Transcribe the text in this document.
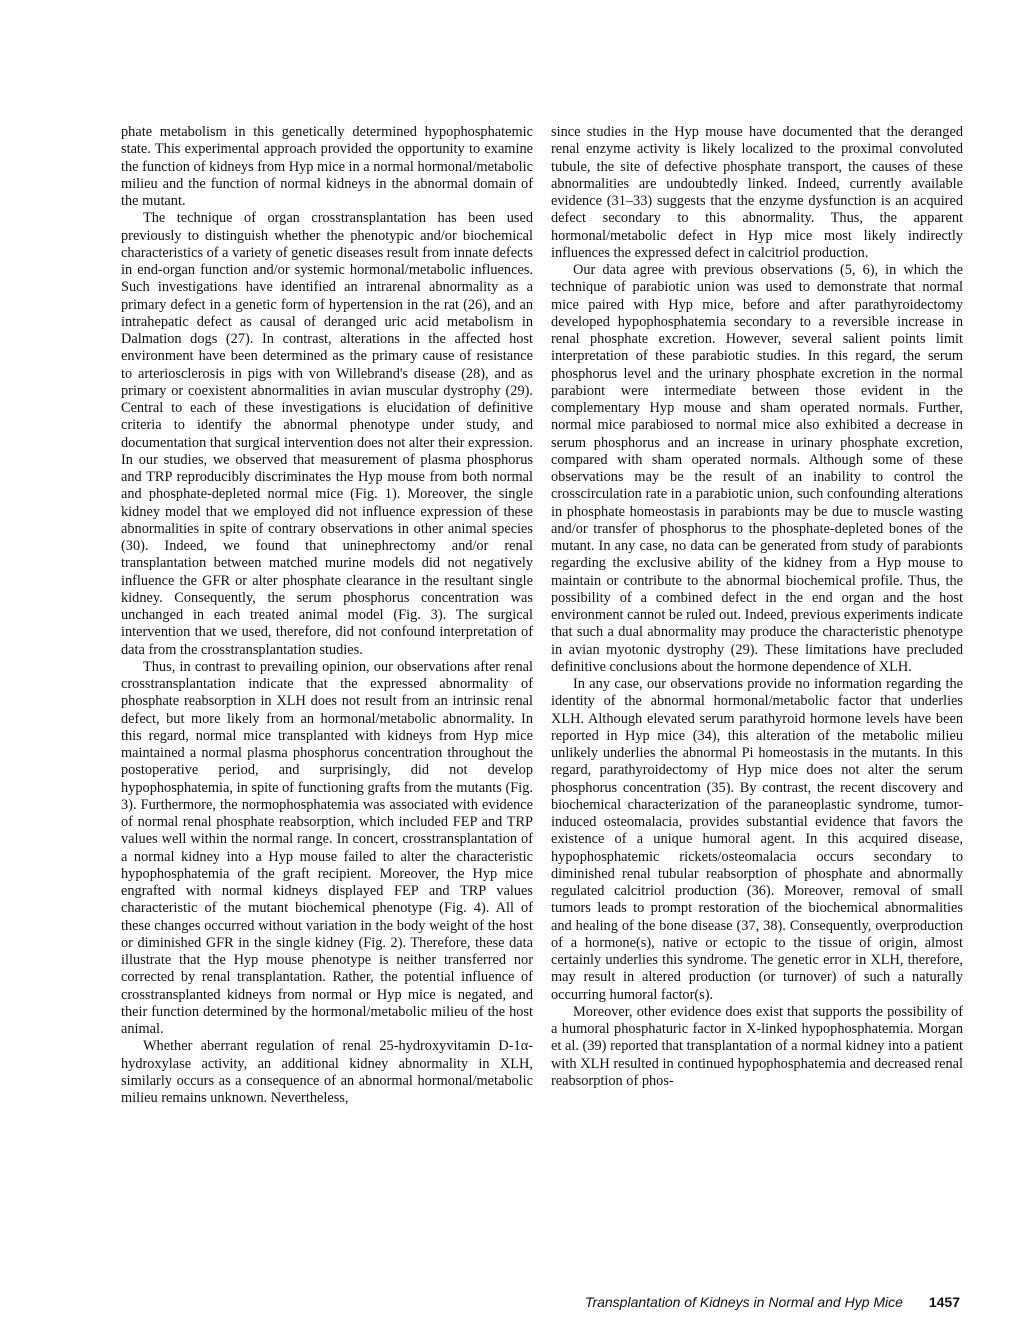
phate metabolism in this genetically determined hypophosphatemic state. This experimental approach provided the opportunity to examine the function of kidneys from Hyp mice in a normal hormonal/metabolic milieu and the function of normal kidneys in the abnormal domain of the mutant.

The technique of organ crosstransplantation has been used previously to distinguish whether the phenotypic and/or biochemical characteristics of a variety of genetic diseases result from innate defects in end-organ function and/or systemic hormonal/metabolic influences. Such investigations have identified an intrarenal abnormality as a primary defect in a genetic form of hypertension in the rat (26), and an intrahepatic defect as causal of deranged uric acid metabolism in Dalmation dogs (27). In contrast, alterations in the affected host environment have been determined as the primary cause of resistance to arteriosclerosis in pigs with von Willebrand's disease (28), and as primary or coexistent abnormalities in avian muscular dystrophy (29). Central to each of these investigations is elucidation of definitive criteria to identify the abnormal phenotype under study, and documentation that surgical intervention does not alter their expression. In our studies, we observed that measurement of plasma phosphorus and TRP reproducibly discriminates the Hyp mouse from both normal and phosphate-depleted normal mice (Fig. 1). Moreover, the single kidney model that we employed did not influence expression of these abnormalities in spite of contrary observations in other animal species (30). Indeed, we found that uninephrectomy and/or renal transplantation between matched murine models did not negatively influence the GFR or alter phosphate clearance in the resultant single kidney. Consequently, the serum phosphorus concentration was unchanged in each treated animal model (Fig. 3). The surgical intervention that we used, therefore, did not confound interpretation of data from the crosstransplantation studies.

Thus, in contrast to prevailing opinion, our observations after renal crosstransplantation indicate that the expressed abnormality of phosphate reabsorption in XLH does not result from an intrinsic renal defect, but more likely from an hormonal/metabolic abnormality. In this regard, normal mice transplanted with kidneys from Hyp mice maintained a normal plasma phosphorus concentration throughout the postoperative period, and surprisingly, did not develop hypophosphatemia, in spite of functioning grafts from the mutants (Fig. 3). Furthermore, the normophosphatemia was associated with evidence of normal renal phosphate reabsorption, which included FEP and TRP values well within the normal range. In concert, crosstransplantation of a normal kidney into a Hyp mouse failed to alter the characteristic hypophosphatemia of the graft recipient. Moreover, the Hyp mice engrafted with normal kidneys displayed FEP and TRP values characteristic of the mutant biochemical phenotype (Fig. 4). All of these changes occurred without variation in the body weight of the host or diminished GFR in the single kidney (Fig. 2). Therefore, these data illustrate that the Hyp mouse phenotype is neither transferred nor corrected by renal transplantation. Rather, the potential influence of crosstransplanted kidneys from normal or Hyp mice is negated, and their function determined by the hormonal/metabolic milieu of the host animal.

Whether aberrant regulation of renal 25-hydroxyvitamin D-1α-hydroxylase activity, an additional kidney abnormality in XLH, similarly occurs as a consequence of an abnormal hormonal/metabolic milieu remains unknown. Nevertheless,

since studies in the Hyp mouse have documented that the deranged renal enzyme activity is likely localized to the proximal convoluted tubule, the site of defective phosphate transport, the causes of these abnormalities are undoubtedly linked. Indeed, currently available evidence (31–33) suggests that the enzyme dysfunction is an acquired defect secondary to this abnormality. Thus, the apparent hormonal/metabolic defect in Hyp mice most likely indirectly influences the expressed defect in calcitriol production.

Our data agree with previous observations (5, 6), in which the technique of parabiotic union was used to demonstrate that normal mice paired with Hyp mice, before and after parathyroidectomy developed hypophosphatemia secondary to a reversible increase in renal phosphate excretion. However, several salient points limit interpretation of these parabiotic studies. In this regard, the serum phosphorus level and the urinary phosphate excretion in the normal parabiont were intermediate between those evident in the complementary Hyp mouse and sham operated normals. Further, normal mice parabiosed to normal mice also exhibited a decrease in serum phosphorus and an increase in urinary phosphate excretion, compared with sham operated normals. Although some of these observations may be the result of an inability to control the crosscirculation rate in a parabiotic union, such confounding alterations in phosphate homeostasis in parabionts may be due to muscle wasting and/or transfer of phosphorus to the phosphate-depleted bones of the mutant. In any case, no data can be generated from study of parabionts regarding the exclusive ability of the kidney from a Hyp mouse to maintain or contribute to the abnormal biochemical profile. Thus, the possibility of a combined defect in the end organ and the host environment cannot be ruled out. Indeed, previous experiments indicate that such a dual abnormality may produce the characteristic phenotype in avian myotonic dystrophy (29). These limitations have precluded definitive conclusions about the hormone dependence of XLH.

In any case, our observations provide no information regarding the identity of the abnormal hormonal/metabolic factor that underlies XLH. Although elevated serum parathyroid hormone levels have been reported in Hyp mice (34), this alteration of the metabolic milieu unlikely underlies the abnormal Pi homeostasis in the mutants. In this regard, parathyroidectomy of Hyp mice does not alter the serum phosphorus concentration (35). By contrast, the recent discovery and biochemical characterization of the paraneoplastic syndrome, tumor-induced osteomalacia, provides substantial evidence that favors the existence of a unique humoral agent. In this acquired disease, hypophosphatemic rickets/osteomalacia occurs secondary to diminished renal tubular reabsorption of phosphate and abnormally regulated calcitriol production (36). Moreover, removal of small tumors leads to prompt restoration of the biochemical abnormalities and healing of the bone disease (37, 38). Consequently, overproduction of a hormone(s), native or ectopic to the tissue of origin, almost certainly underlies this syndrome. The genetic error in XLH, therefore, may result in altered production (or turnover) of such a naturally occurring humoral factor(s).

Moreover, other evidence does exist that supports the possibility of a humoral phosphaturic factor in X-linked hypophosphatemia. Morgan et al. (39) reported that transplantation of a normal kidney into a patient with XLH resulted in continued hypophosphatemia and decreased renal reabsorption of phos-

Transplantation of Kidneys in Normal and Hyp Mice 1457
